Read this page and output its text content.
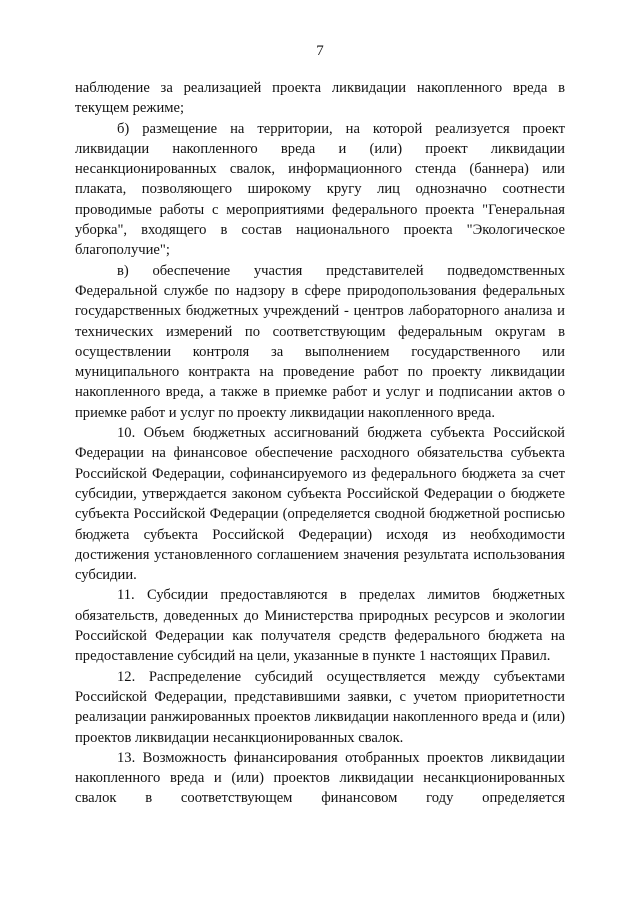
7

наблюдение за реализацией проекта ликвидации накопленного вреда в текущем режиме;

б) размещение на территории, на которой реализуется проект ликвидации накопленного вреда и (или) проект ликвидации несанкционированных свалок, информационного стенда (баннера) или плаката, позволяющего широкому кругу лиц однозначно соотнести проводимые работы с мероприятиями федерального проекта "Генеральная уборка", входящего в состав национального проекта "Экологическое благополучие";

в) обеспечение участия представителей подведомственных Федеральной службе по надзору в сфере природопользования федеральных государственных бюджетных учреждений - центров лабораторного анализа и технических измерений по соответствующим федеральным округам в осуществлении контроля за выполнением государственного или муниципального контракта на проведение работ по проекту ликвидации накопленного вреда, а также в приемке работ и услуг и подписании актов о приемке работ и услуг по проекту ликвидации накопленного вреда.

10. Объем бюджетных ассигнований бюджета субъекта Российской Федерации на финансовое обеспечение расходного обязательства субъекта Российской Федерации, софинансируемого из федерального бюджета за счет субсидии, утверждается законом субъекта Российской Федерации о бюджете субъекта Российской Федерации (определяется сводной бюджетной росписью бюджета субъекта Российской Федерации) исходя из необходимости достижения установленного соглашением значения результата использования субсидии.

11. Субсидии предоставляются в пределах лимитов бюджетных обязательств, доведенных до Министерства природных ресурсов и экологии Российской Федерации как получателя средств федерального бюджета на предоставление субсидий на цели, указанные в пункте 1 настоящих Правил.

12. Распределение субсидий осуществляется между субъектами Российской Федерации, представившими заявки, с учетом приоритетности реализации ранжированных проектов ликвидации накопленного вреда и (или) проектов ликвидации несанкционированных свалок.

13. Возможность финансирования отобранных проектов ликвидации накопленного вреда и (или) проектов ликвидации несанкционированных свалок в соответствующем финансовом году определяется
